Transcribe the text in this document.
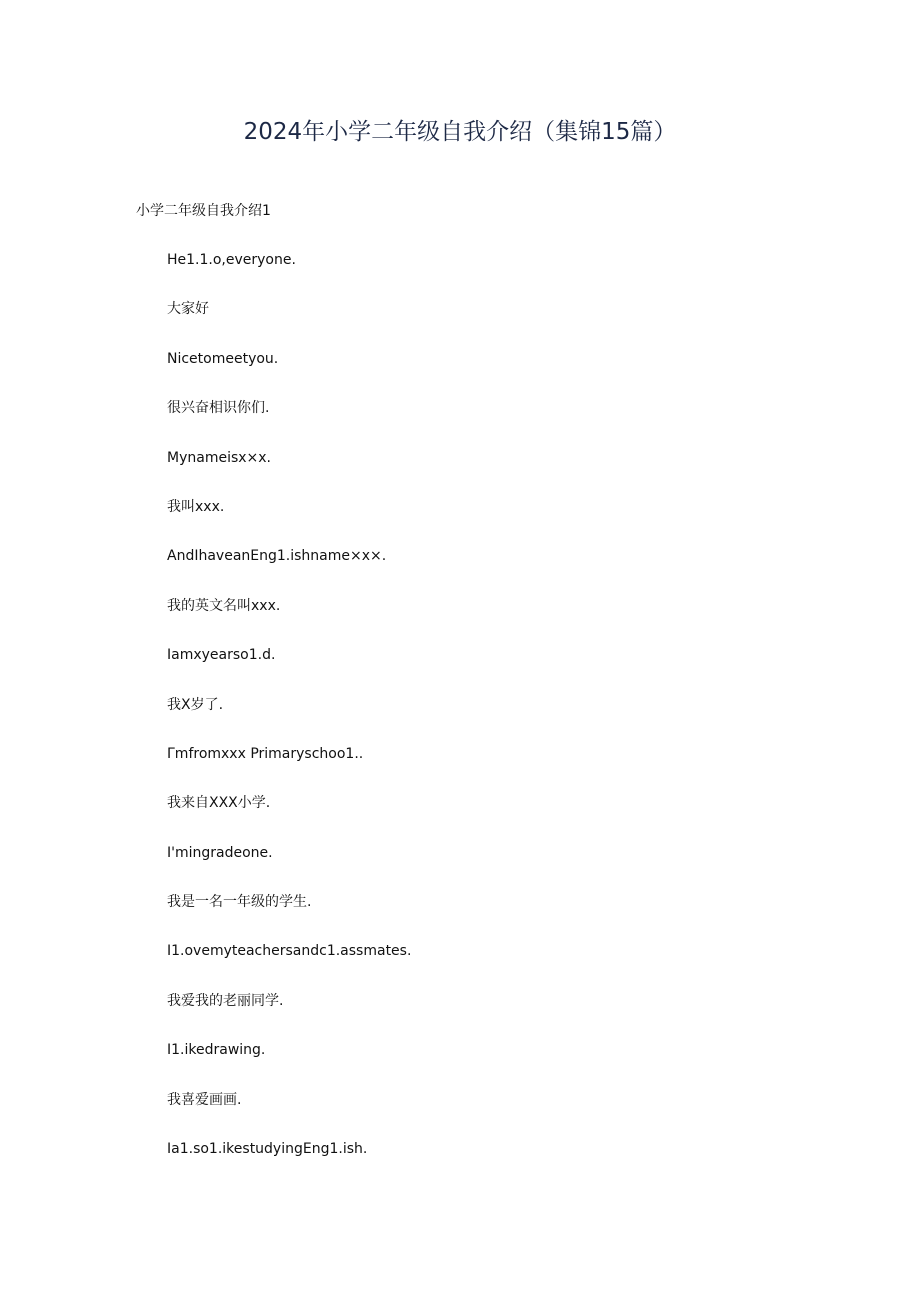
2024年小学二年级自我介绍（集锦15篇）
小学二年级自我介绍1
He1.1.o,everyone.
大家好
Nicetomeetyou.
很兴奋相识你们.
Mynameisx×x.
我叫xxx.
AndIhaveanEng1.ishname×x×.
我的英文名叫xxx.
Iamxyearso1.d.
我X岁了.
Γmfromxxx Primaryschoo1..
我来自XXX小学.
I'mingradeone.
我是一名一年级的学生.
I1.ovemyteachersandc1.assmates.
我爱我的老丽同学.
I1.ikedrawing.
我喜爱画画.
Ia1.so1.ikestudyingEng1.ish.
